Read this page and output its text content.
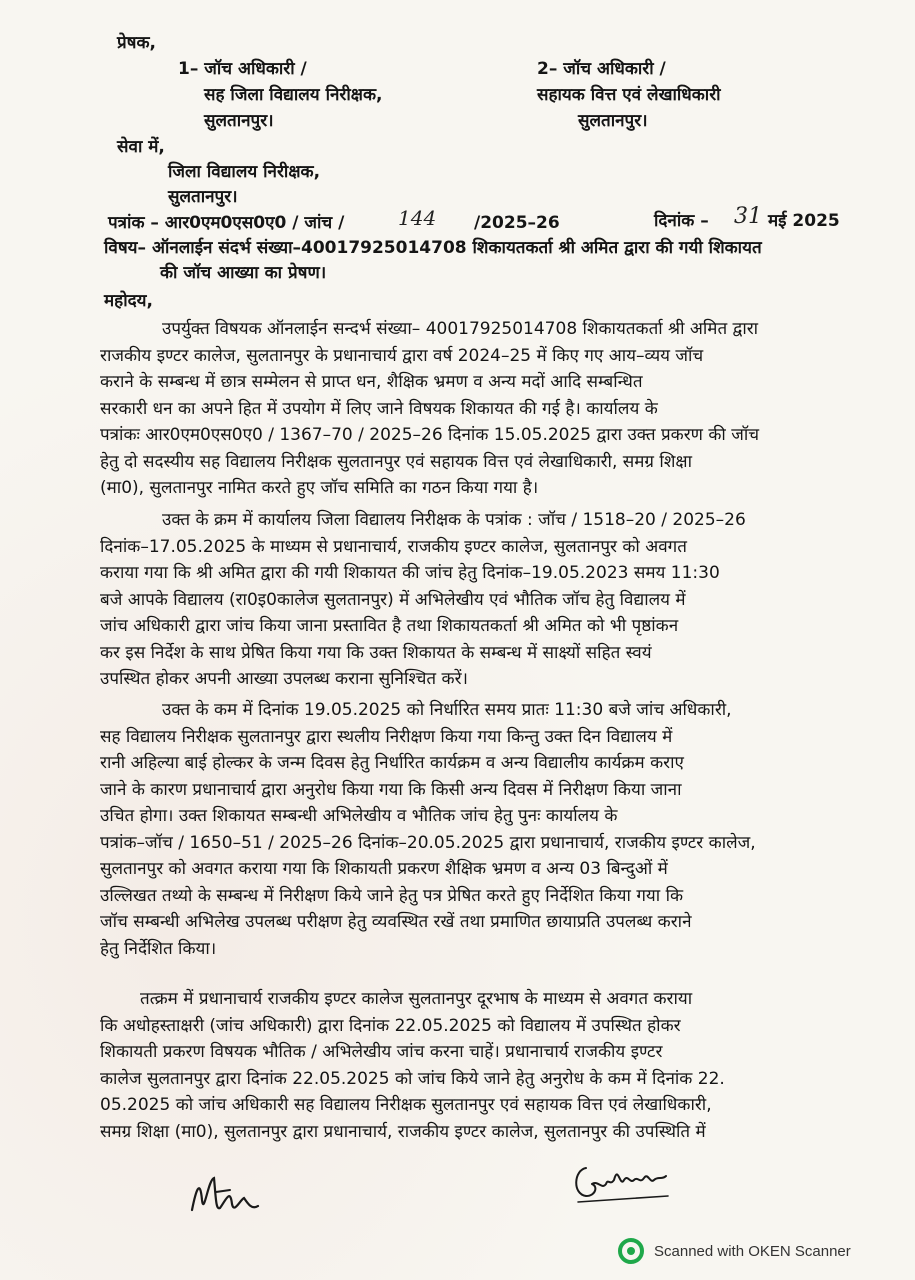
प्रेषक,
1– जॉच अधिकारी /
सह जिला विद्यालय निरीक्षक,
सुलतानपुर।
2– जॉच अधिकारी /
सहायक वित्त एवं लेखाधिकारी
सुलतानपुर।
सेवा में,
जिला विद्यालय निरीक्षक,
सुलतानपुर।
पत्रांक – आर0एम0एस0ए0 / जांच /	144 /2025–26	दिनांक – 31 मई 2025
विषय– ऑनलाईन संदर्भ संख्या–40017925014708 शिकायतकर्ता श्री अमित द्वारा की गयी शिकायत
की जॉच आख्या का प्रेषण।
महोदय,
उपर्युक्त विषयक ऑनलाईन सन्दर्भ संख्या– 40017925014708 शिकायतकर्ता श्री अमित द्वारा
राजकीय इण्टर कालेज, सुलतानपुर के प्रधानाचार्य द्वारा वर्ष 2024–25 में किए गए आय–व्यय जॉच
कराने के सम्बन्ध में छात्र सम्मेलन से प्राप्त धन, शैक्षिक भ्रमण व अन्य मदों आदि सम्बन्धित
सरकारी धन का अपने हित में उपयोग में लिए जाने विषयक शिकायत की गई है। कार्यालय के
पत्रांकः आर0एम0एस0ए0 / 1367–70 / 2025–26 दिनांक 15.05.2025 द्वारा उक्त प्रकरण की जॉच
हेतु दो सदस्यीय सह विद्यालय निरीक्षक सुलतानपुर एवं सहायक वित्त एवं लेखाधिकारी, समग्र शिक्षा
(मा0), सुलतानपुर नामित करते हुए जॉच समिति का गठन किया गया है।
उक्त के क्रम में कार्यालय जिला विद्यालय निरीक्षक के पत्रांक : जॉच / 1518–20 / 2025–26
दिनांक–17.05.2025 के माध्यम से प्रधानाचार्य, राजकीय इण्टर कालेज, सुलतानपुर को अवगत
कराया गया कि श्री अमित द्वारा की गयी शिकायत की जांच हेतु दिनांक–19.05.2023 समय 11:30
बजे आपके विद्यालय (रा0इ0कालेज सुलतानपुर) में अभिलेखीय एवं भौतिक जॉच हेतु विद्यालय में
जांच अधिकारी द्वारा जांच किया जाना प्रस्तावित है तथा शिकायतकर्ता श्री अमित को भी पृष्ठांकन
कर इस निर्देश के साथ प्रेषित किया गया कि उक्त शिकायत के सम्बन्ध में साक्ष्यों सहित स्वयं
उपस्थित होकर अपनी आख्या उपलब्ध कराना सुनिश्चित करें।
उक्त के कम में दिनांक 19.05.2025 को निर्धारित समय प्रातः 11:30 बजे जांच अधिकारी,
सह विद्यालय निरीक्षक सुलतानपुर द्वारा स्थलीय निरीक्षण किया गया किन्तु उक्त दिन विद्यालय में
रानी अहिल्या बाई होल्कर के जन्म दिवस हेतु निर्धारित कार्यक्रम व अन्य विद्यालीय कार्यक्रम कराए
जाने के कारण प्रधानाचार्य द्वारा अनुरोध किया गया कि किसी अन्य दिवस में निरीक्षण किया जाना
उचित होगा। उक्त शिकायत सम्बन्धी अभिलेखीय व भौतिक जांच हेतु पुनः कार्यालय के
पत्रांक–जॉच / 1650–51 / 2025–26 दिनांक–20.05.2025 द्वारा प्रधानाचार्य, राजकीय इण्टर कालेज,
सुलतानपुर को अवगत कराया गया कि शिकायती प्रकरण शैक्षिक भ्रमण व अन्य 03 बिन्दुओं में
उल्लिखत तथ्यो के सम्बन्ध में निरीक्षण किये जाने हेतु पत्र प्रेषित करते हुए निर्देशित किया गया कि
जॉच सम्बन्धी अभिलेख उपलब्ध परीक्षण हेतु व्यवस्थित रखें तथा प्रमाणित छायाप्रति उपलब्ध कराने
हेतु निर्देशित किया।
तत्क्रम में प्रधानाचार्य राजकीय इण्टर कालेज सुलतानपुर दूरभाष के माध्यम से अवगत कराया
कि अधोहस्ताक्षरी (जांच अधिकारी) द्वारा दिनांक 22.05.2025 को विद्यालय में उपस्थित होकर
शिकायती प्रकरण विषयक भौतिक / अभिलेखीय जांच करना चाहें। प्रधानाचार्य राजकीय इण्टर
कालेज सुलतानपुर द्वारा दिनांक 22.05.2025 को जांच किये जाने हेतु अनुरोध के कम में दिनांक 22.
05.2025 को जांच अधिकारी सह विद्यालय निरीक्षक सुलतानपुर एवं सहायक वित्त एवं लेखाधिकारी,
समग्र शिक्षा (मा0), सुलतानपुर द्वारा प्रधानाचार्य, राजकीय इण्टर कालेज, सुलतानपुर की उपस्थिति में
Scanned with OKEN Scanner
